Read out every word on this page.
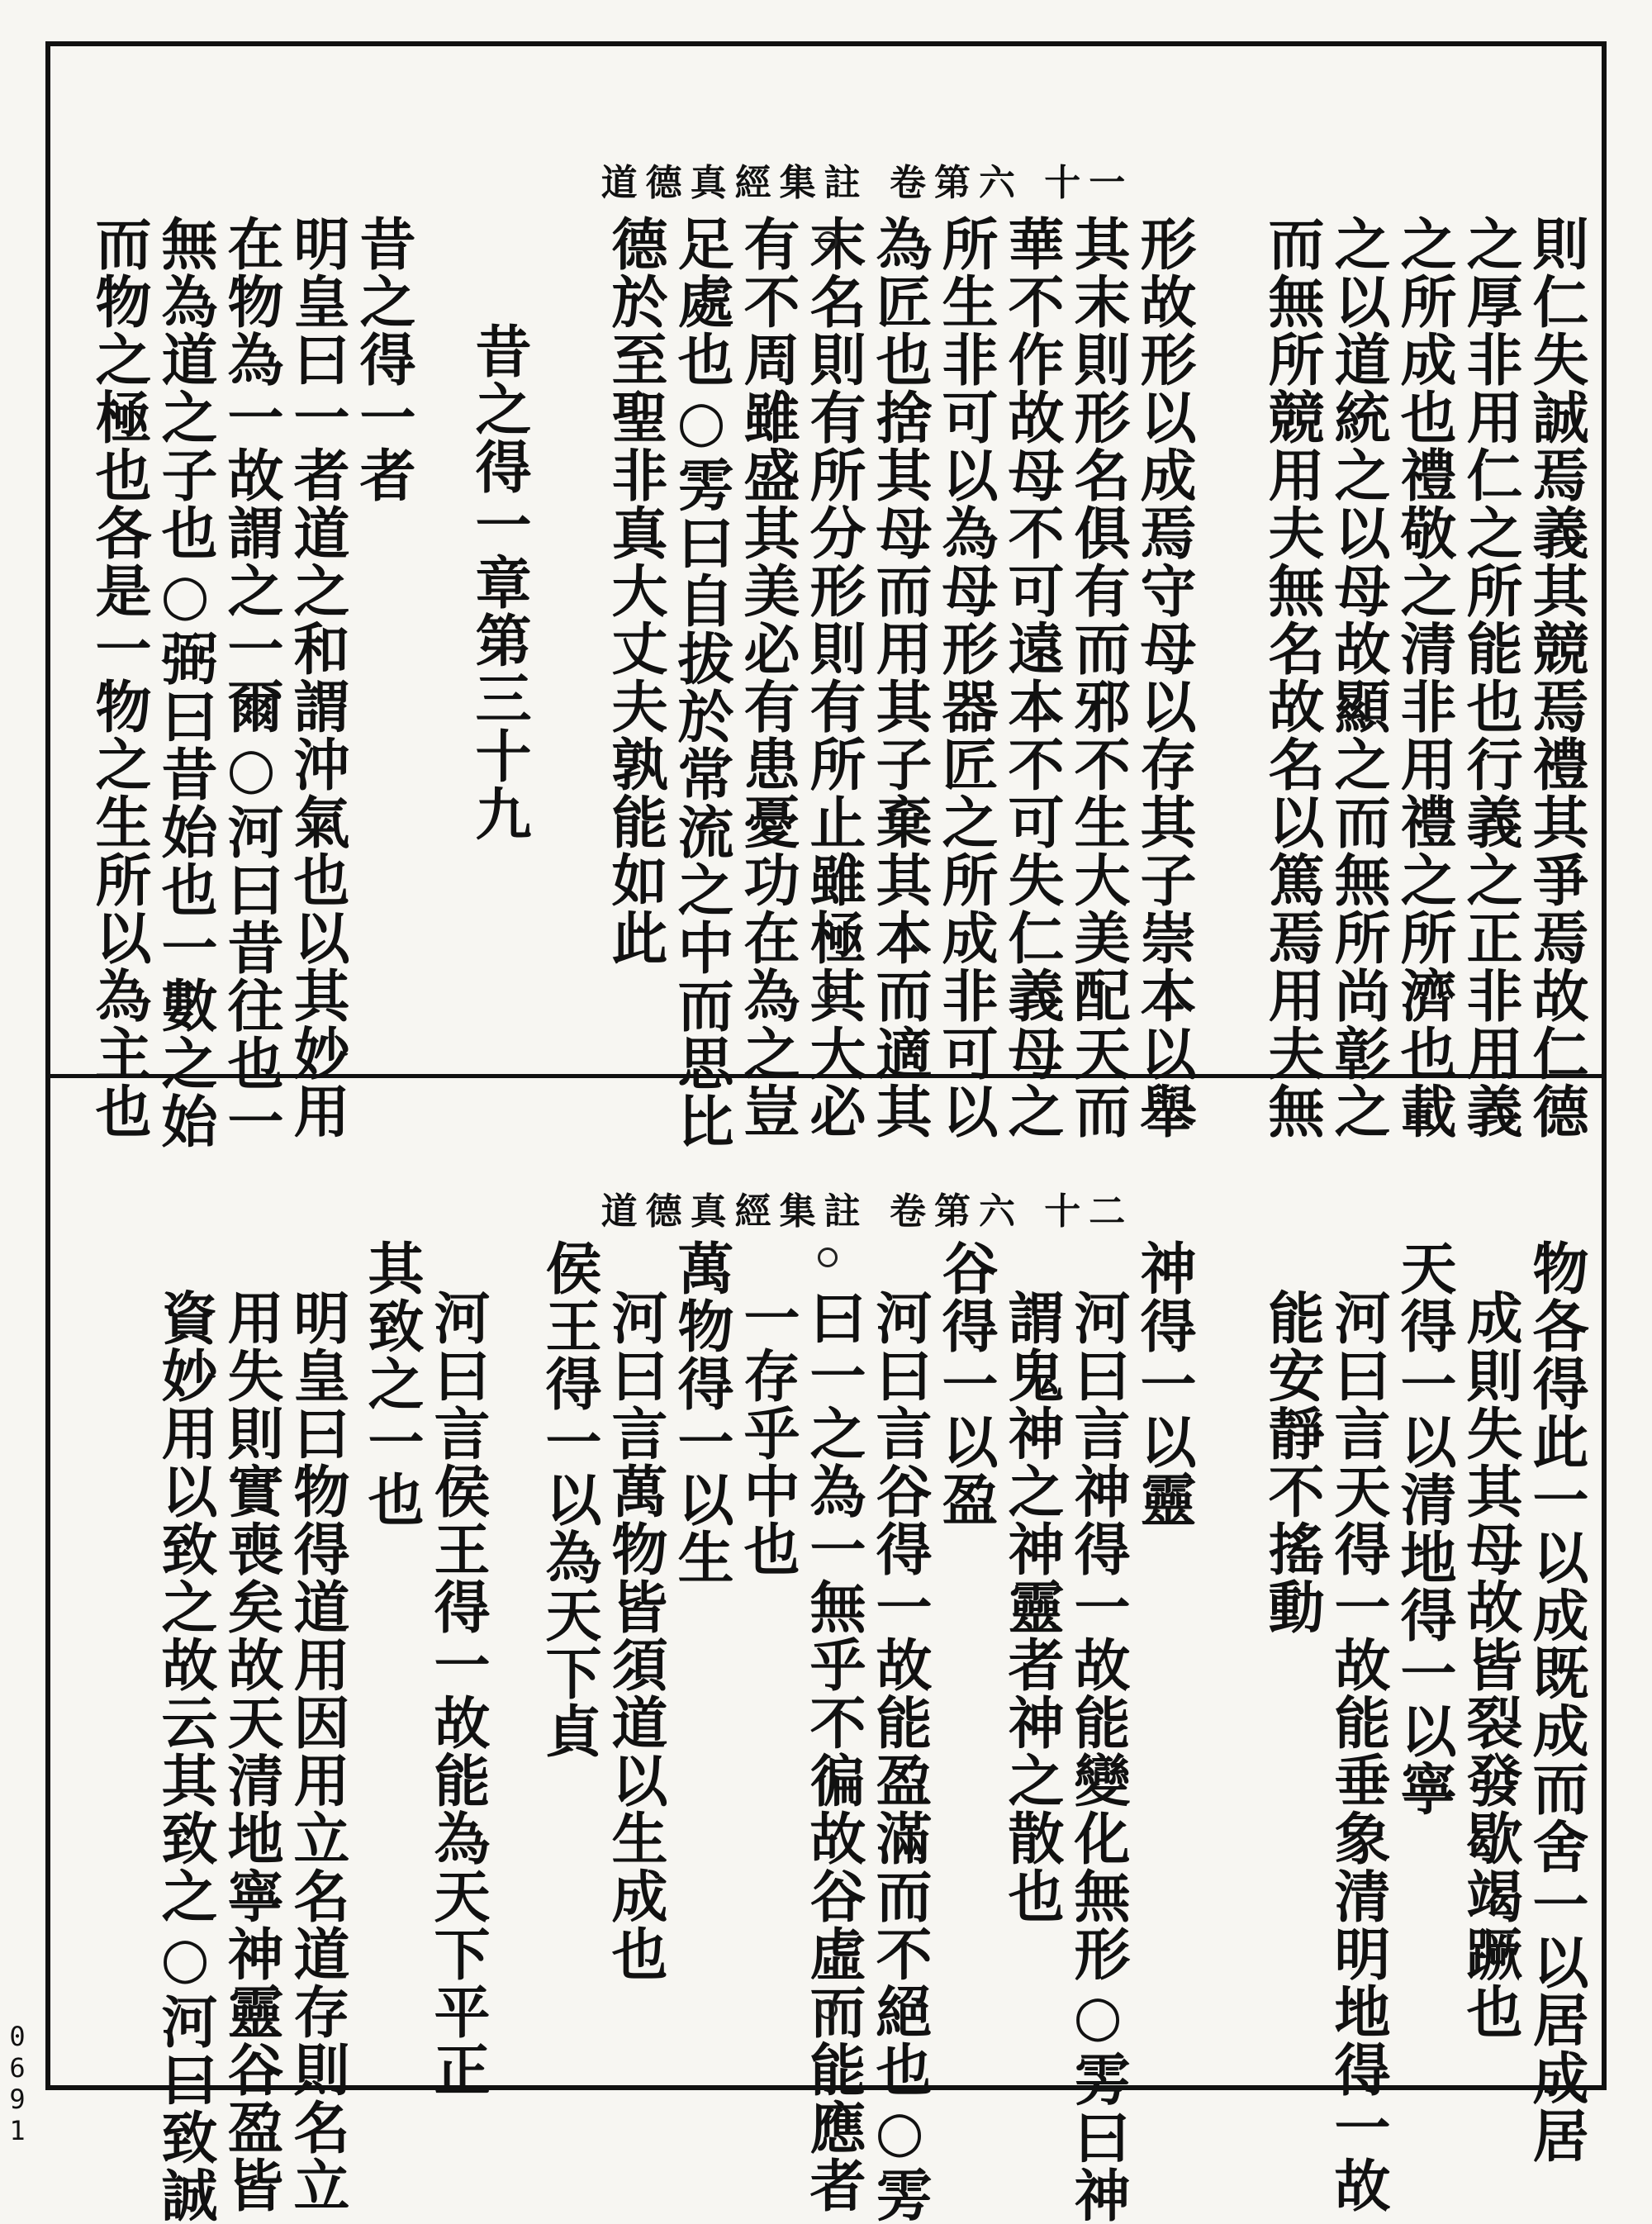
道德真經集註 卷第六 十一
則仁失誠焉義其競焉禮其爭焉故仁德
之厚非用仁之所能也行義之正非用義
之所成也禮敬之清非用禮之所濟也載
之以道統之以母故顯之而無所尚彰之
而無所競用夫無名故名以篤焉用夫無
形故形以成焉守母以存其子崇本以舉
其末則形名俱有而邪不生大美配天而
華不作故母不可遠本不可失仁義母之
所生非可以為母形器匠之所成非可以
為匠也捨其母而用其子棄其本而適其
末名則有所分形則有所止雖極其大必
有不周雖盛其美必有患憂功在為之豈
足處也○雱曰自拔於常流之中而思比
德於至聖非真大丈夫孰能如此
昔之得一章第三十九
昔之得一者
明皇曰一者道之和謂沖氣也以其妙用
在物為一故謂之一爾○河曰昔往也一
無為道之子也○弼曰昔始也一數之始
而物之極也各是一物之生所以為主也
道德真經集註 卷第六 十二
物各得此一以成既成而舍一以居成居
成則失其母故皆裂發歇竭蹶也
天得一以清地得一以寧
河曰言天得一故能垂象清明地得一故
能安靜不搖動
神得一以靈
河曰言神得一故能變化無形○雱曰神
謂鬼神之神靈者神之散也
谷得一以盈
河曰言谷得一故能盈滿而不絕也○雱
曰一之為一無乎不徧故谷虛而能應者
一存乎中也
萬物得一以生
河曰言萬物皆須道以生成也
侯王得一以為天下貞
河曰言侯王得一故能為天下平正
其致之一也
明皇曰物得道用因用立名道存則名立
用失則實喪矣故天清地寧神靈谷盈皆
資妙用以致之故云其致之○河曰致誠
0691
